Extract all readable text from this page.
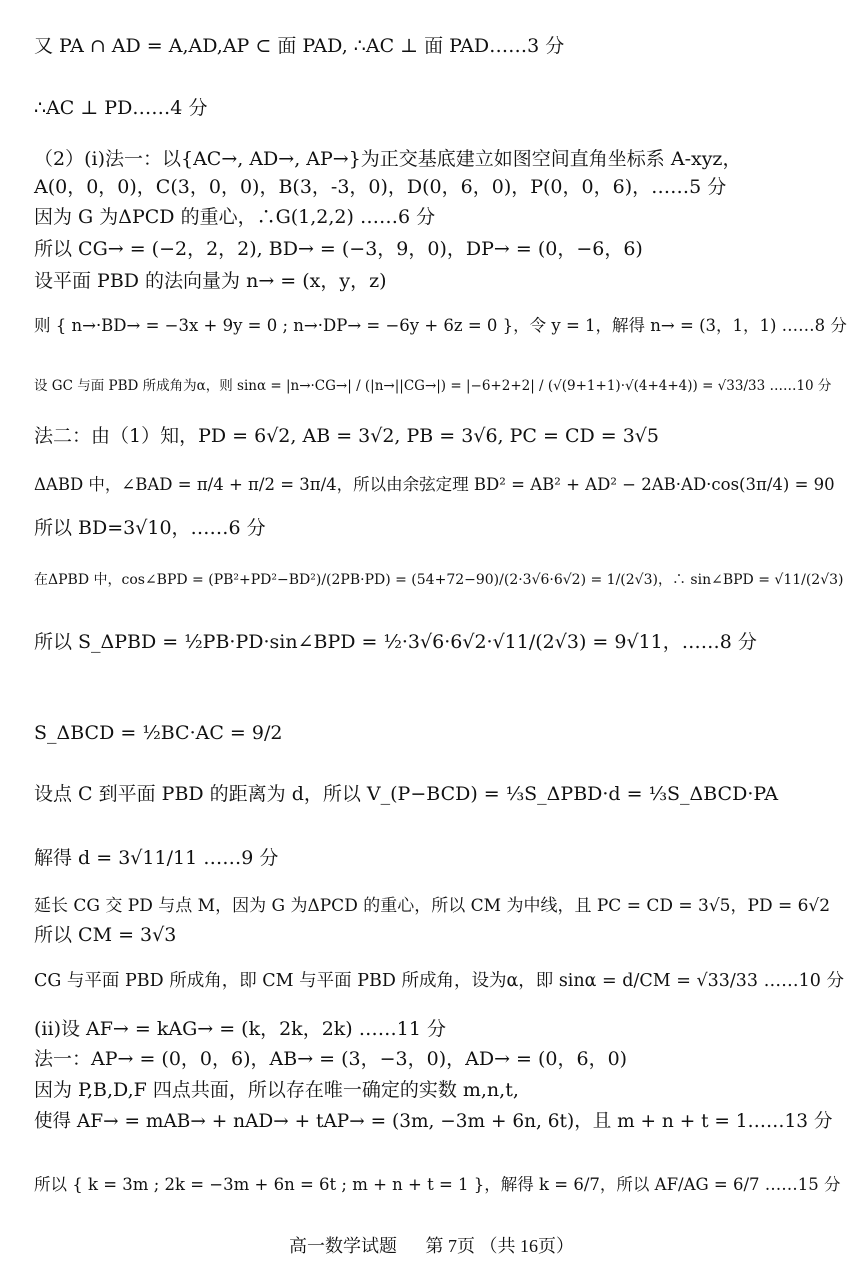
又 PA ∩ AD = A,AD,AP ⊂ 面 PAD, ∴AC ⊥ 面 PAD……3 分
∴AC ⊥ PD……4 分
（2）(i)法一：以{AC→, AD→, AP→}为正交基底建立如图空间直角坐标系 A-xyz，
A(0，0，0)，C(3，0，0)，B(3，-3，0)，D(0，6，0)，P(0，0，6)，……5 分
因为 G 为ΔPCD 的重心，∴G(1,2,2) ……6 分
所以 CG→ = (−2，2，2), BD→ = (−3，9，0)，DP→ = (0，−6，6)
设平面 PBD 的法向量为 n→ = (x，y，z)
则 { n→·BD→ = −3x + 9y = 0 ; n→·DP→ = −6y + 6z = 0 }，令 y = 1，解得 n→ = (3，1，1) ……8 分
设 GC 与面 PBD 所成角为α，则 sinα = |n→·CG→| / (|n→||CG→|) = |−6+2+2| / (√(9+1+1)·√(4+4+4)) = √33/33 ……10 分
法二：由（1）知，PD = 6√2, AB = 3√2, PB = 3√6, PC = CD = 3√5
ΔABD 中，∠BAD = π/4 + π/2 = 3π/4，所以由余弦定理 BD² = AB² + AD² − 2AB·AD·cos(3π/4) = 90
所以 BD=3√10，……6 分
在ΔPBD 中，cos∠BPD = (PB²+PD²−BD²)/(2PB·PD) = (54+72−90)/(2·3√6·6√2) = 1/(2√3)，∴ sin∠BPD = √11/(2√3)
所以 S_ΔPBD = ½PB·PD·sin∠BPD = ½·3√6·6√2·√11/(2√3) = 9√11，……8 分
S_ΔBCD = ½BC·AC = 9/2
设点 C 到平面 PBD 的距离为 d，所以 V_(P−BCD) = ⅓S_ΔPBD·d = ⅓S_ΔBCD·PA
解得 d = 3√11/11 ……9 分
延长 CG 交 PD 与点 M，因为 G 为ΔPCD 的重心，所以 CM 为中线，且 PC = CD = 3√5，PD = 6√2
所以 CM = 3√3
CG 与平面 PBD 所成角，即 CM 与平面 PBD 所成角，设为α，即 sinα = d/CM = √33/33 ……10 分
(ii)设 AF→ = kAG→ = (k，2k，2k) ……11 分
法一：AP→ = (0，0，6)，AB→ = (3，−3，0)，AD→ = (0，6，0)
因为 P,B,D,F 四点共面，所以存在唯一确定的实数 m,n,t,
使得 AF→ = mAB→ + nAD→ + tAP→ = (3m, −3m + 6n, 6t)，且 m + n + t = 1……13 分
所以 { k = 3m ; 2k = −3m + 6n = 6t ; m + n + t = 1 }，解得 k = 6/7，所以 AF/AG = 6/7 ……15 分
高一数学试题 第 7页 （共 16页）
